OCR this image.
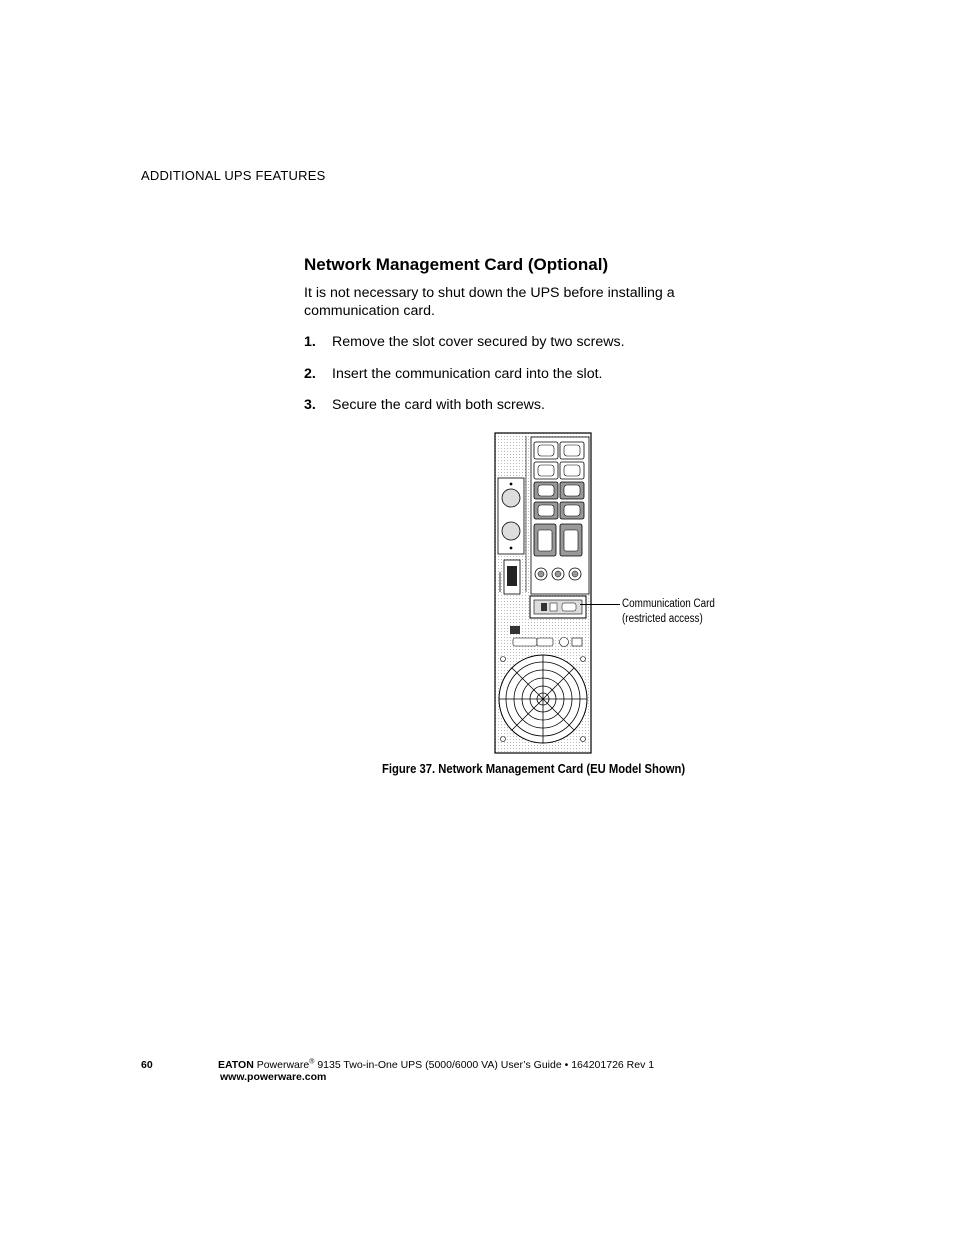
ADDITIONAL UPS FEATURES
Network Management Card (Optional)

It is not necessary to shut down the UPS before installing a communication card.

1.	Remove the slot cover secured by two screws.
2.	Insert the communication card into the slot.
3.	Secure the card with both screws.
Communication Card
(restricted access)
Figure 37. Network Management Card (EU Model Shown)
60	EATON Powerware® 9135 Two-in-One UPS (5000/6000 VA) User’s Guide • 164201726 Rev 1
www.powerware.com
